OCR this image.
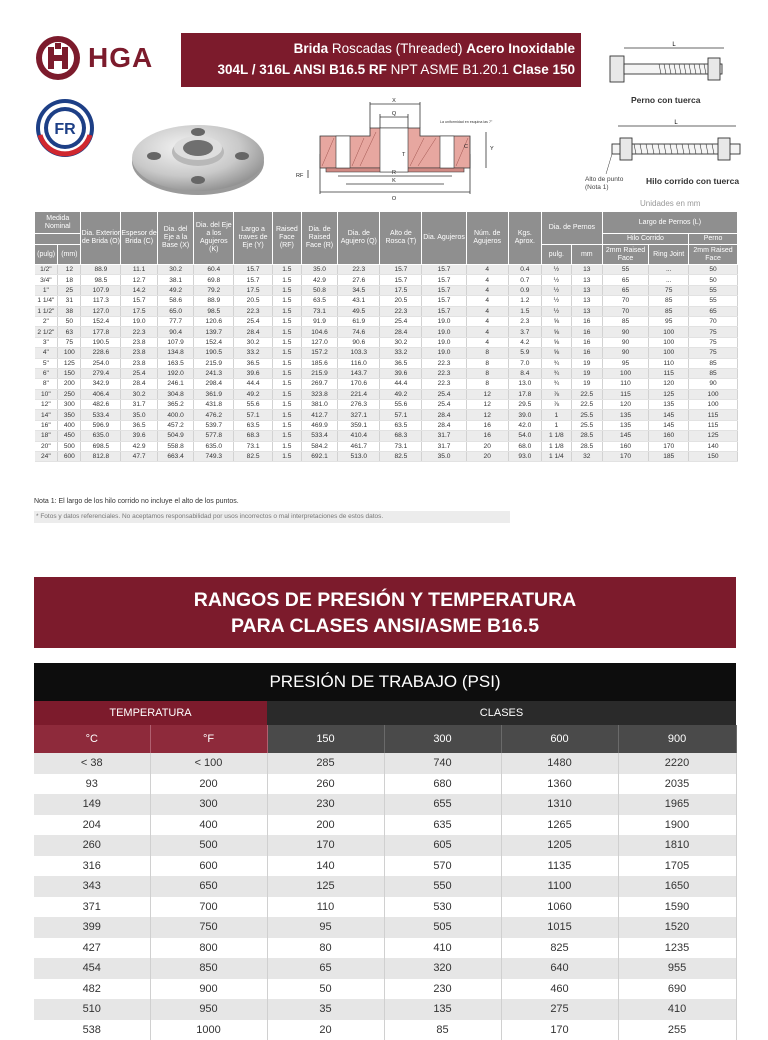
HGA	Brida Roscadas (Threaded) Acero Inoxidable
304L / 316L ANSI B16.5 RF NPT ASME B1.20.1 Clase 150
FR
X
Q
Y
T
C
RF	R
K
O
La uniformidad en esquina las 7"
L
Perno con tuerca
L
Alto de punto
(Nota 1)
Hilo corrido con tuerca
Unidades en mm
Medida Nominal		Dia. Exterior de Brida (O)	Espesor de Brida (C)	Dia. del Eje a la Base (X)	Dia. del Eje a los Agujeros (K)	Largo a traves de Eje (Y)	Raised Face (RF)	Dia. de Raised Face (R)	Dia. de Agujero (Q)	Alto de Rosca (T)	Dia. Agujeros	Núm. de Agujeros	Kgs. Aprox.	Dia. de Pernos		Largo de Pernos (L)		
																Hilo Corrido		Perno
(pulg)	(mm)													pulg.	mm	2mm Raised Face	Ring Joint	2mm Raised Face
1/2"	12	88.9	11.1	30.2	60.4	15.7	1.5	35.0	22.3	15.7	15.7	4	0.4	½	13	55	...	50
3/4"	18	98.5	12.7	38.1	69.8	15.7	1.5	42.9	27.6	15.7	15.7	4	0.7	½	13	65	...	50
1"	25	107.9	14.2	49.2	79.2	17.5	1.5	50.8	34.5	17.5	15.7	4	0.9	½	13	65	75	55
1 1/4"	31	117.3	15.7	58.6	88.9	20.5	1.5	63.5	43.1	20.5	15.7	4	1.2	½	13	70	85	55
1 1/2"	38	127.0	17.5	65.0	98.5	22.3	1.5	73.1	49.5	22.3	15.7	4	1.5	½	13	70	85	65
2"	50	152.4	19.0	77.7	120.6	25.4	1.5	91.9	61.9	25.4	19.0	4	2.3	⅝	16	85	95	70
2 1/2"	63	177.8	22.3	90.4	139.7	28.4	1.5	104.6	74.6	28.4	19.0	4	3.7	⅝	16	90	100	75
3"	75	190.5	23.8	107.9	152.4	30.2	1.5	127.0	90.6	30.2	19.0	4	4.2	⅝	16	90	100	75
4"	100	228.6	23.8	134.8	190.5	33.2	1.5	157.2	103.3	33.2	19.0	8	5.9	⅝	16	90	100	75
5"	125	254.0	23.8	163.5	215.9	36.5	1.5	185.6	116.0	36.5	22.3	8	7.0	¾	19	95	110	85
6"	150	279.4	25.4	192.0	241.3	39.6	1.5	215.9	143.7	39.6	22.3	8	8.4	¾	19	100	115	85
8"	200	342.9	28.4	246.1	298.4	44.4	1.5	269.7	170.6	44.4	22.3	8	13.0	¾	19	110	120	90
10"	250	406.4	30.2	304.8	361.9	49.2	1.5	323.8	221.4	49.2	25.4	12	17.8	⅞	22.5	115	125	100
12"	300	482.6	31.7	365.2	431.8	55.6	1.5	381.0	276.3	55.6	25.4	12	29.5	⅞	22.5	120	135	100
14"	350	533.4	35.0	400.0	476.2	57.1	1.5	412.7	327.1	57.1	28.4	12	39.0	1	25.5	135	145	115
16"	400	596.9	36.5	457.2	539.7	63.5	1.5	469.9	359.1	63.5	28.4	16	42.0	1	25.5	135	145	115
18"	450	635.0	39.6	504.9	577.8	68.3	1.5	533.4	410.4	68.3	31.7	16	54.0	1 1/8	28.5	145	160	125
20"	500	698.5	42.9	558.8	635.0	73.1	1.5	584.2	461.7	73.1	31.7	20	68.0	1 1/8	28.5	160	170	140
24"	600	812.8	47.7	663.4	749.3	82.5	1.5	692.1	513.0	82.5	35.0	20	93.0	1 1/4	32	170	185	150
Nota 1: El largo de los hilo corrido no incluye el alto de los puntos.
* Fotos y datos referenciales. No aceptamos responsabilidad por usos incorrectos o mal interpretaciones de estos datos.
RANGOS DE PRESIÓN Y TEMPERATURA
PARA CLASES ANSI/ASME B16.5
PRESIÓN DE TRABAJO (PSI)					
TEMPERATURA		CLASES			
°C	°F	150	300	600	900
< 38	< 100	285	740	1480	2220
93	200	260	680	1360	2035
149	300	230	655	1310	1965
204	400	200	635	1265	1900
260	500	170	605	1205	1810
316	600	140	570	1135	1705
343	650	125	550	1100	1650
371	700	110	530	1060	1590
399	750	95	505	1015	1520
427	800	80	410	825	1235
454	850	65	320	640	955
482	900	50	230	460	690
510	950	35	135	275	410
538	1000	20	85	170	255
